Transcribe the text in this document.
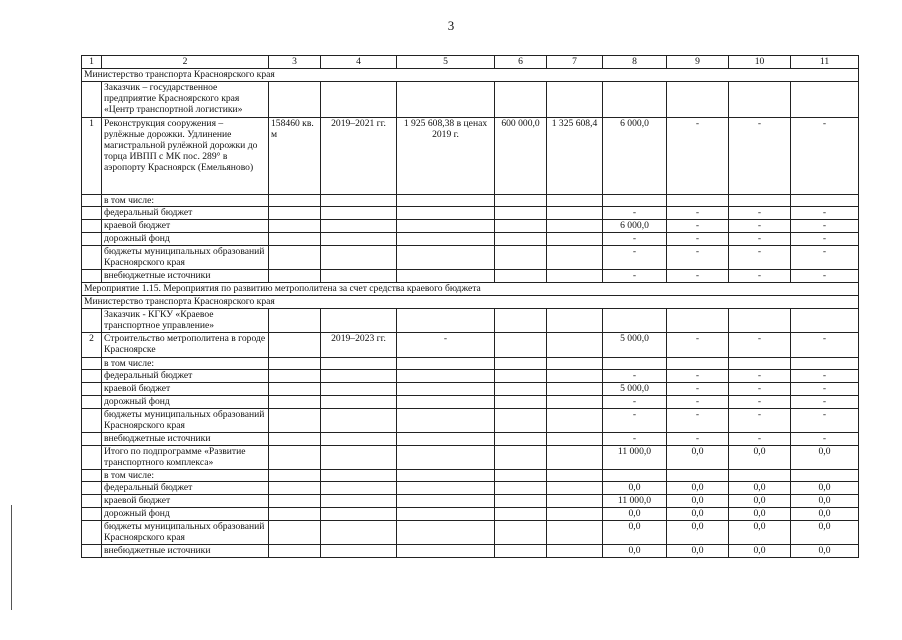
3
1	2	3	4	5	6	7	8	9	10	11
Министерство транспорта Красноярского края										
	Заказчик – государственное предприятие Красноярского края «Центр транспортной логистики»									
1	Реконструкция сооружения – рулёжные дорожки. Удлинение магистральной рулёжной дорожки до торца ИВПП с МК пос. 289° в аэропорту Красноярск (Емельяново)	158460 кв. м	2019–2021 гг.	1 925 608,38 в ценах 2019 г.	600 000,0	1 325 608,4	6 000,0	-	-	-
	в том числе:									
	федеральный бюджет						-	-	-	-
	краевой бюджет						6 000,0	-	-	-
	дорожный фонд						-	-	-	-
	бюджеты муниципальных образований Красноярского края						-	-	-	-
	внебюджетные источники						-	-	-	-
Мероприятие 1.15. Мероприятия по развитию метрополитена за счет средства краевого бюджета										
Министерство транспорта Красноярского края										
	Заказчик - КГКУ «Краевое транспортное управление»									
2	Строительство метрополитена в городе Красноярске		2019–2023 гг.	-			5 000,0	-	-	-
	в том числе:									
	федеральный бюджет						-	-	-	-
	краевой бюджет						5 000,0	-	-	-
	дорожный фонд						-	-	-	-
	бюджеты муниципальных образований Красноярского края						-	-	-	-
	внебюджетные источники						-	-	-	-
	Итого по подпрограмме «Развитие транспортного комплекса»						11 000,0	0,0	0,0	0,0
	в том числе:									
	федеральный бюджет						0,0	0,0	0,0	0,0
	краевой бюджет						11 000,0	0,0	0,0	0,0
	дорожный фонд						0,0	0,0	0,0	0,0
	бюджеты муниципальных образований Красноярского края						0,0	0,0	0,0	0,0
	внебюджетные источники						0,0	0,0	0,0	0,0
